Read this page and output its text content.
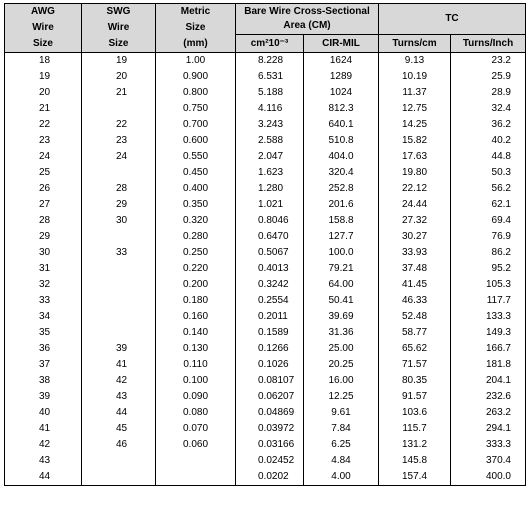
AWG
Wire
Size	SWG
Wire
Size	Metric
Size
(mm)	Bare Wire Cross-Sectional Area (CM)		TC	
			cm²10⁻³	CIR-MIL	Turns/cm	Turns/Inch
18	19	1.00	8.228	1624	9.13	23.2
19	20	0.900	6.531	1289	10.19	25.9
20	21	0.800	5.188	1024	11.37	28.9
21		0.750	4.116	812.3	12.75	32.4
22	22	0.700	3.243	640.1	14.25	36.2
23	23	0.600	2.588	510.8	15.82	40.2
24	24	0.550	2.047	404.0	17.63	44.8
25		0.450	1.623	320.4	19.80	50.3
26	28	0.400	1.280	252.8	22.12	56.2
27	29	0.350	1.021	201.6	24.44	62.1
28	30	0.320	0.8046	158.8	27.32	69.4
29		0.280	0.6470	127.7	30.27	76.9
30	33	0.250	0.5067	100.0	33.93	86.2
31		0.220	0.4013	79.21	37.48	95.2
32		0.200	0.3242	64.00	41.45	105.3
33		0.180	0.2554	50.41	46.33	117.7
34		0.160	0.2011	39.69	52.48	133.3
35		0.140	0.1589	31.36	58.77	149.3
36	39	0.130	0.1266	25.00	65.62	166.7
37	41	0.110	0.1026	20.25	71.57	181.8
38	42	0.100	0.08107	16.00	80.35	204.1
39	43	0.090	0.06207	12.25	91.57	232.6
40	44	0.080	0.04869	9.61	103.6	263.2
41	45	0.070	0.03972	7.84	115.7	294.1
42	46	0.060	0.03166	6.25	131.2	333.3
43			0.02452	4.84	145.8	370.4
44			0.0202	4.00	157.4	400.0
